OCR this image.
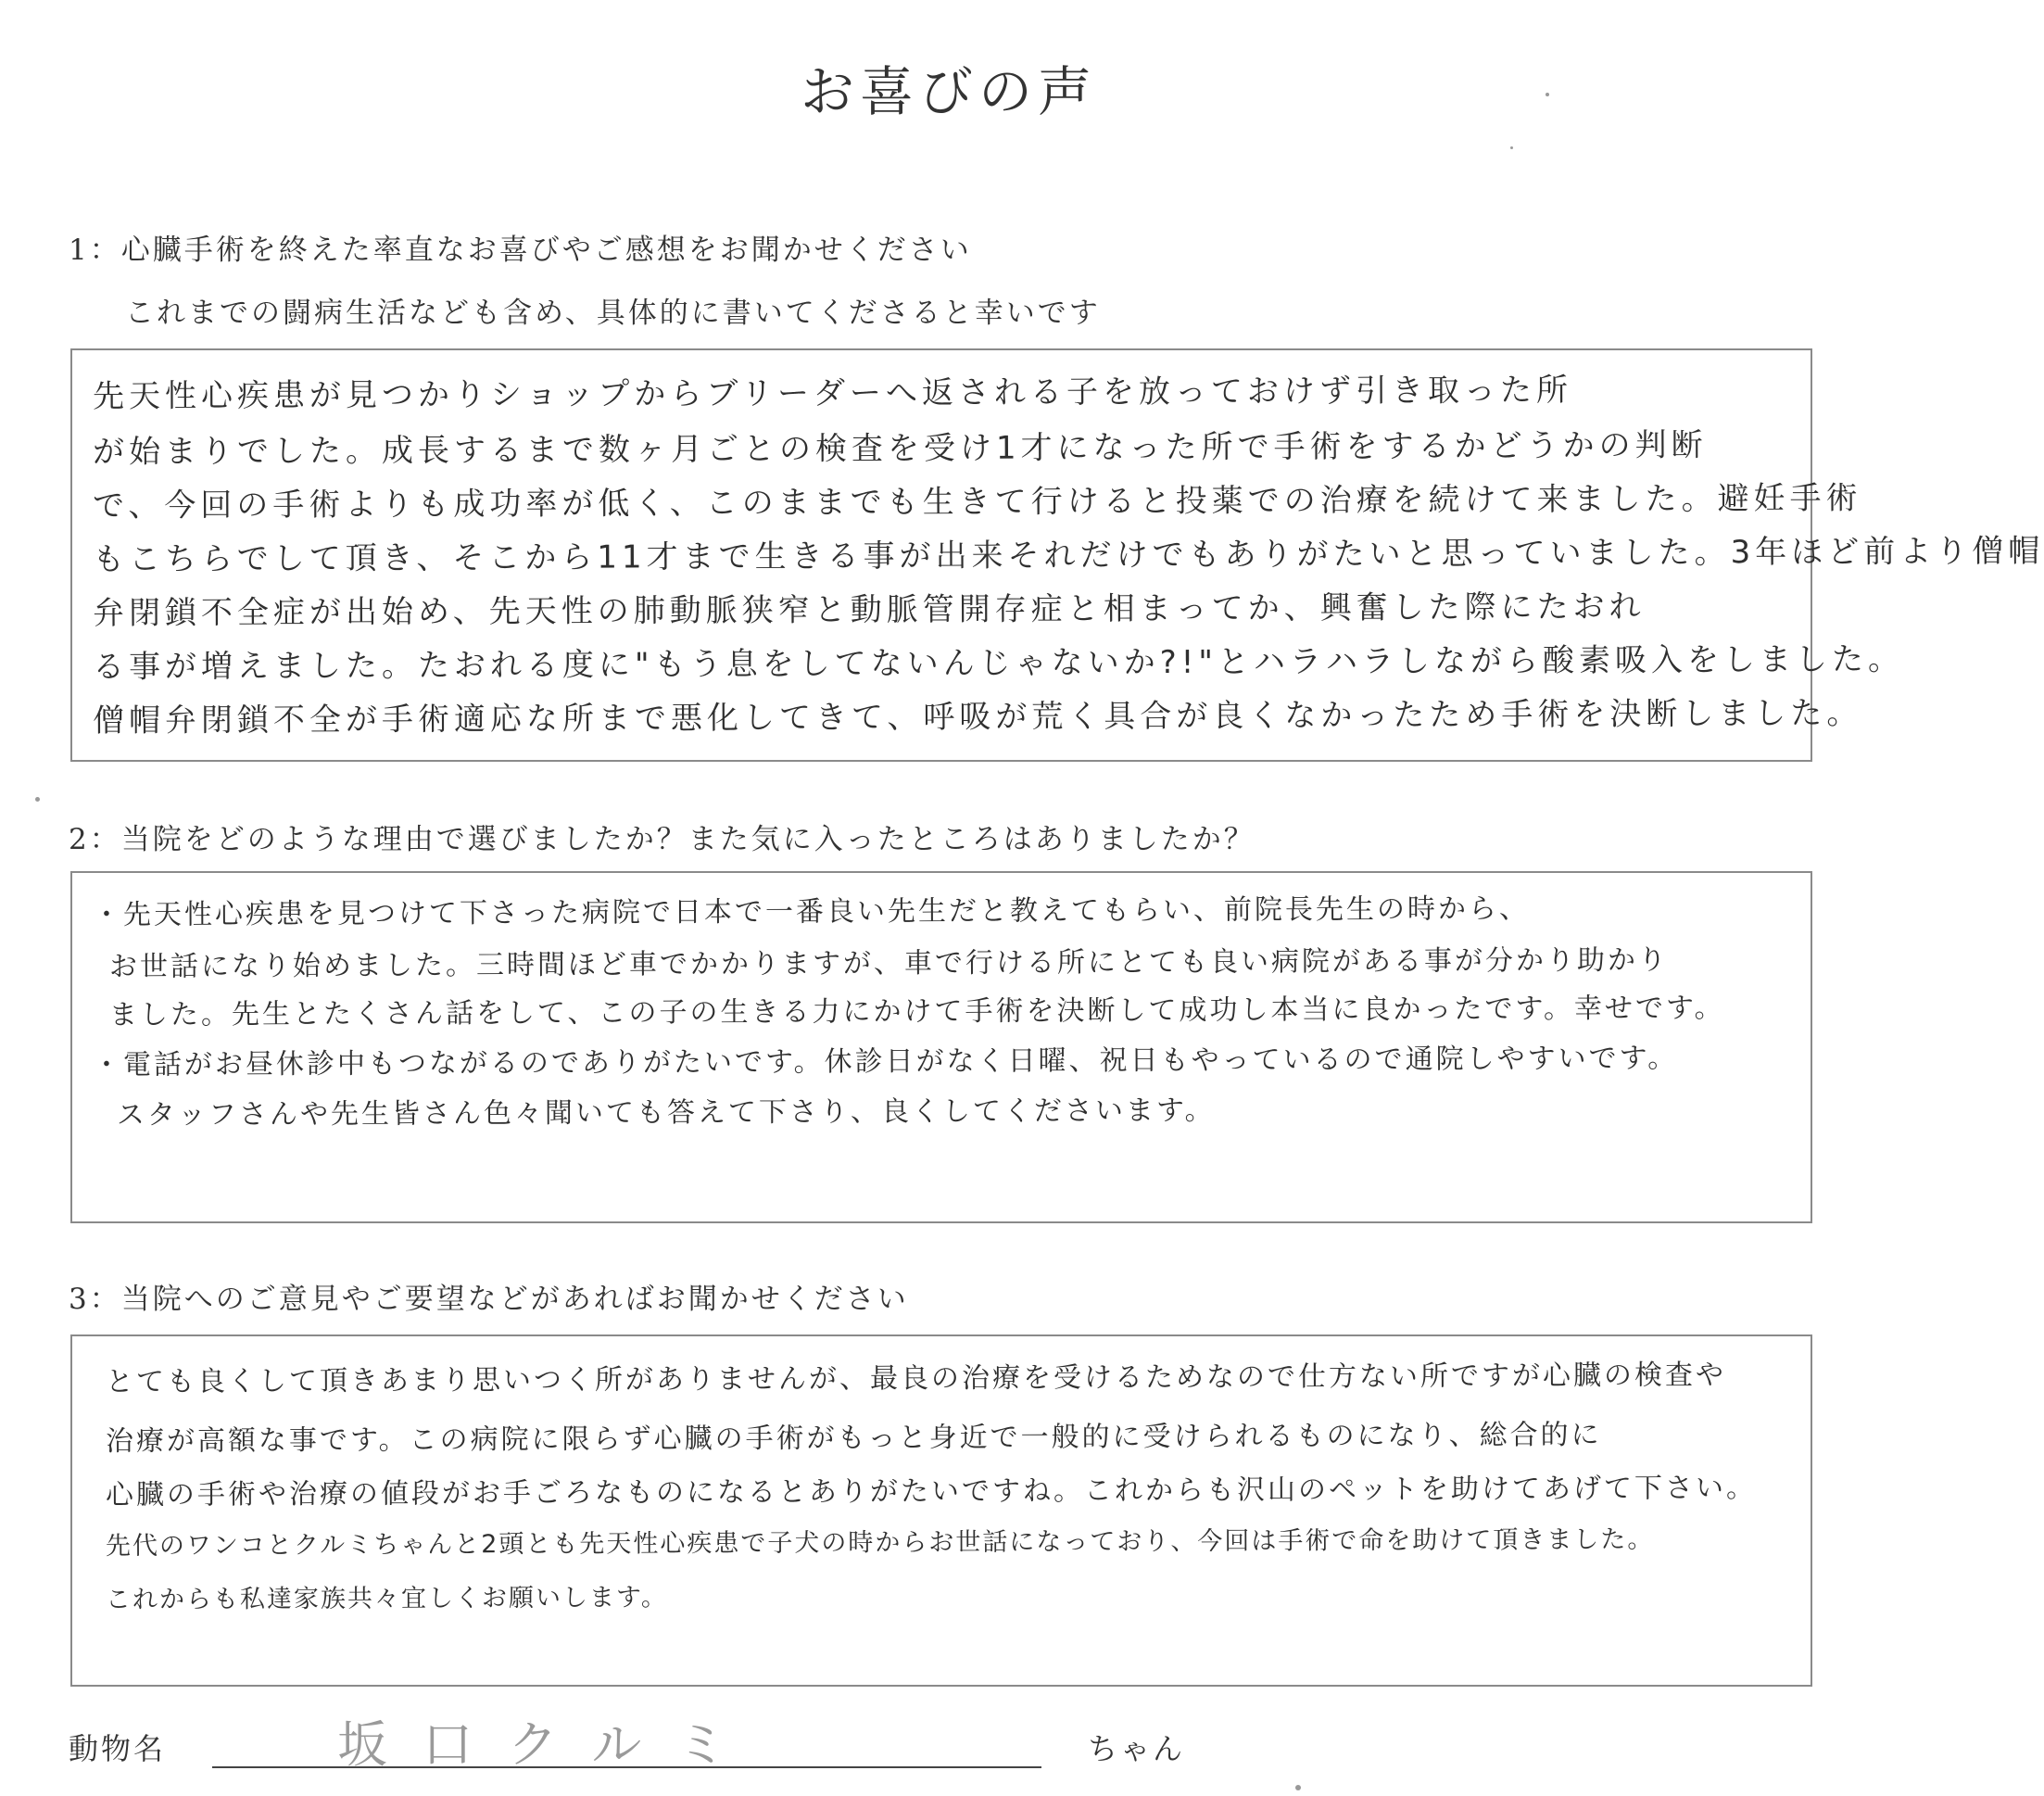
お喜びの声
1：心臓手術を終えた率直なお喜びやご感想をお聞かせください
これまでの闘病生活なども含め、具体的に書いてくださると幸いです
先天性心疾患が見つかりショップからブリーダーへ返される子を放っておけず引き取った所
が始まりでした。成長するまで数ヶ月ごとの検査を受け1才になった所で手術をするかどうかの判断
で、今回の手術よりも成功率が低く、このままでも生きて行けると投薬での治療を続けて来ました。避妊手術
もこちらでして頂き、そこから11才まで生きる事が出来それだけでもありがたいと思っていました。3年ほど前より僧帽
弁閉鎖不全症が出始め、先天性の肺動脈狭窄と動脈管開存症と相まってか、興奮した際にたおれ
る事が増えました。たおれる度に"もう息をしてないんじゃないか?!"とハラハラしながら酸素吸入をしました。
僧帽弁閉鎖不全が手術適応な所まで悪化してきて、呼吸が荒く具合が良くなかったため手術を決断しました。
2：当院をどのような理由で選びましたか？また気に入ったところはありましたか？
・先天性心疾患を見つけて下さった病院で日本で一番良い先生だと教えてもらい、前院長先生の時から、
お世話になり始めました。三時間ほど車でかかりますが、車で行ける所にとても良い病院がある事が分かり助かり
ました。先生とたくさん話をして、この子の生きる力にかけて手術を決断して成功し本当に良かったです。幸せです。
・電話がお昼休診中もつながるのでありがたいです。休診日がなく日曜、祝日もやっているので通院しやすいです。
スタッフさんや先生皆さん色々聞いても答えて下さり、良くしてくださいます。
3：当院へのご意見やご要望などがあればお聞かせください
とても良くして頂きあまり思いつく所がありませんが、最良の治療を受けるためなので仕方ない所ですが心臓の検査や
治療が高額な事です。この病院に限らず心臓の手術がもっと身近で一般的に受けられるものになり、総合的に
心臓の手術や治療の値段がお手ごろなものになるとありがたいですね。これからも沢山のペットを助けてあげて下さい。
先代のワンコとクルミちゃんと2頭とも先天性心疾患で子犬の時からお世話になっており、今回は手術で命を助けて頂きました。
これからも私達家族共々宜しくお願いします。
動物名	坂口クルミ	ちゃん
